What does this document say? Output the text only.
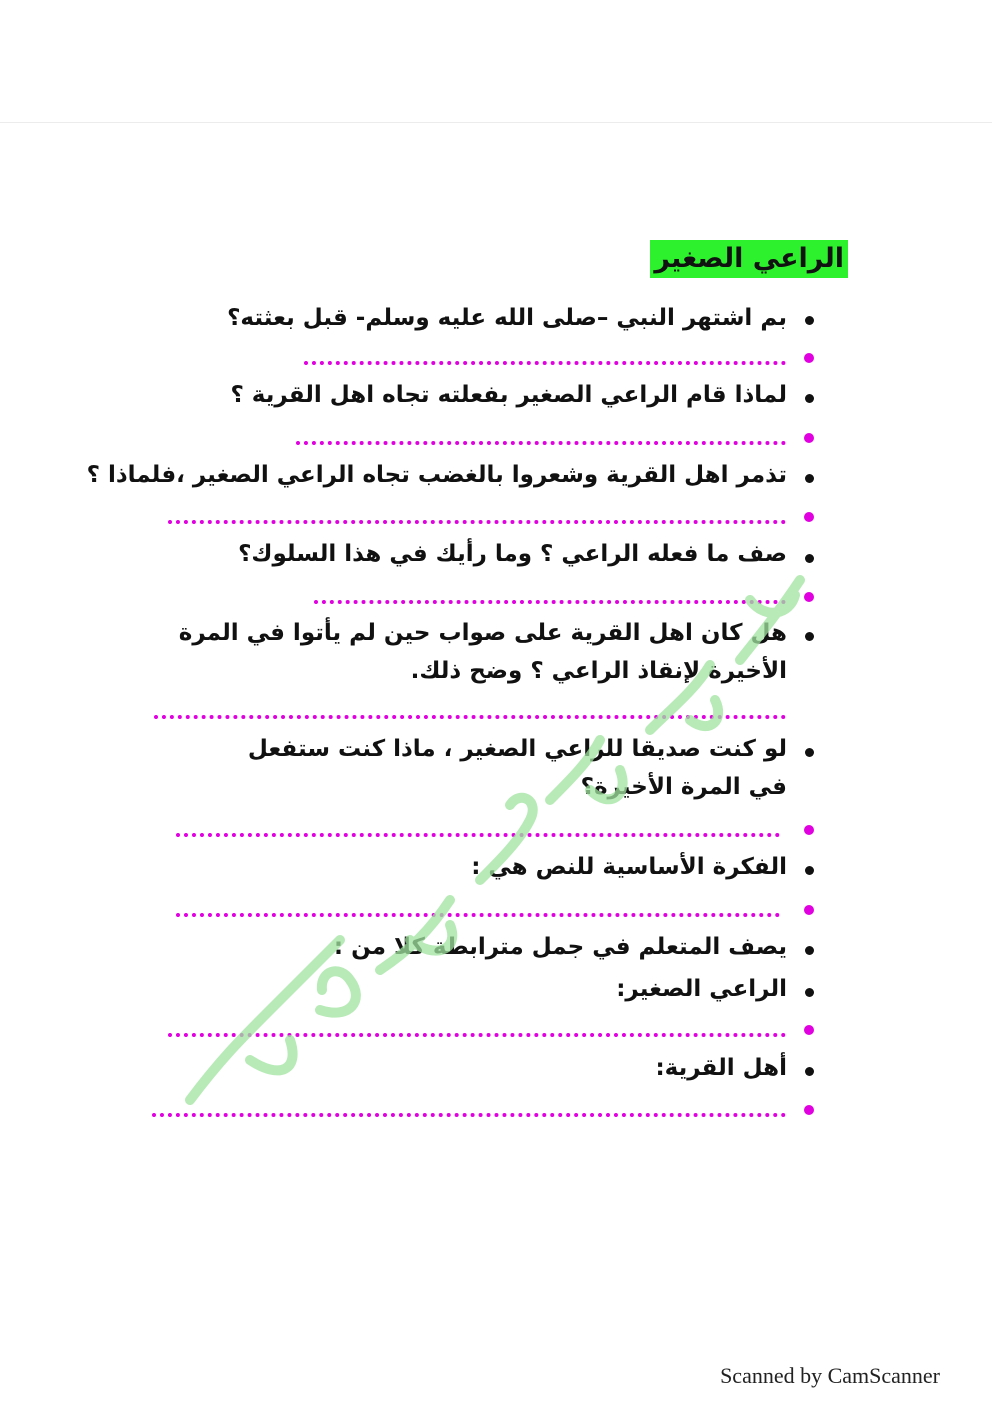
الراعي الصغير
بم اشتهر النبي –صلى الله عليه وسلم- قبل بعثته؟
لماذا قام الراعي الصغير بفعلته تجاه اهل القرية ؟
تذمر اهل القرية وشعروا بالغضب تجاه الراعي الصغير ،فلماذا ؟
صف ما فعله الراعي ؟ وما رأيك في هذا السلوك؟
هل كان اهل القرية على صواب حين لم يأتوا في المرة الأخيرة لإنقاذ الراعي ؟ وضح ذلك.
لو كنت صديقا للراعي الصغير ، ماذا كنت ستفعل في المرة الأخيرة؟
الفكرة الأساسية للنص هي :
يصف المتعلم في جمل مترابطة كلا من :
الراعي الصغير:
أهل القرية:
Scanned by CamScanner
